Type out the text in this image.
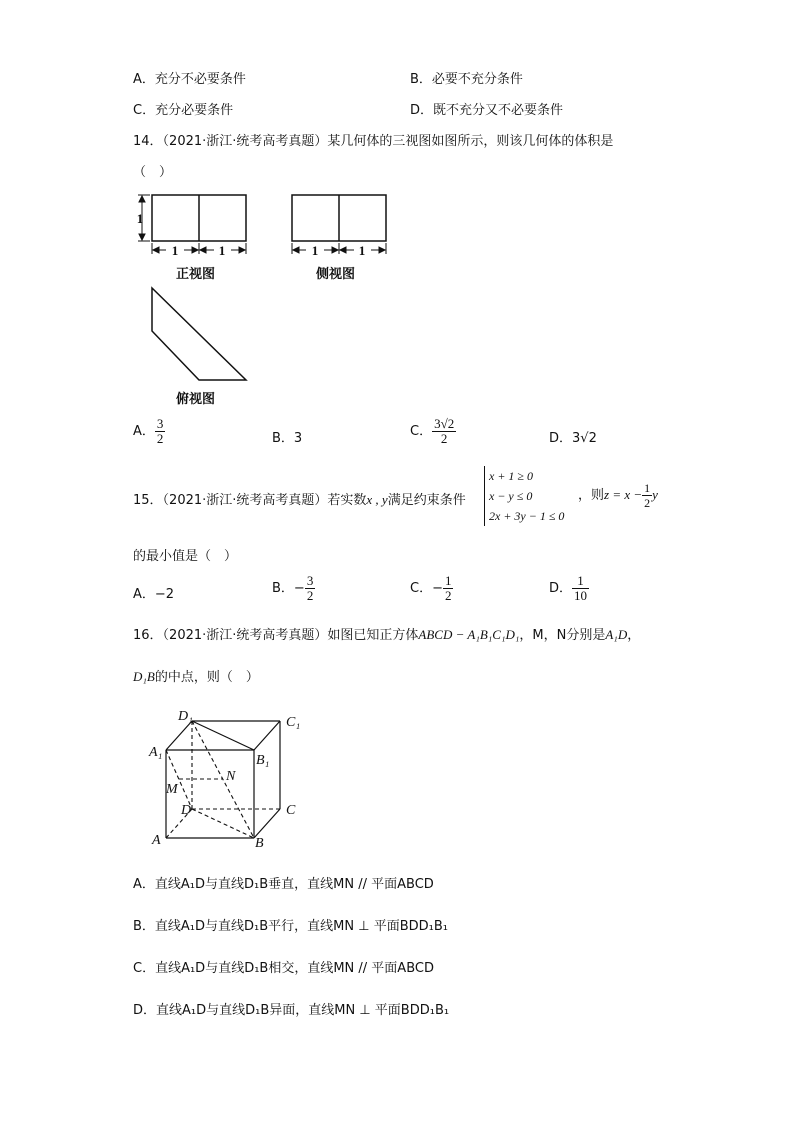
A．充分不必要条件	B．必要不充分条件
C．充分必要条件	D．既不充分又不必要条件
14．（2021·浙江·统考高考真题）某几何体的三视图如图所示，则该几何体的体积是
（　）
1
1	1	1	1
正视图	侧视图
俯视图
A． $\frac{3}{2}$	B．3	C． $\frac{3√2}{2}$	D．3√2
15．（2021·浙江·统考高考真题）若实数x , y满足约束条件
x + 1 ≥ 0
x − y ≤ 0
2x + 3y − 1 ≤ 0
，则$z = x - \frac{1}{2}$ y
的最小值是（　）
A．−2	B．− $\frac{3}{2}$	C．− $\frac{1}{2}$	D． $\frac{1}{10}$
16．（2021·浙江·统考高考真题）如图已知正方体ABCD − A₁B₁C₁D₁，M，N分别是A₁D，
D₁B的中点，则（　）
D₁	C₁
A₁
B₁
N
M
D	C
A	B
A．直线A₁D与直线D₁B垂直，直线MN // 平面ABCD
B．直线A₁D与直线D₁B平行，直线MN ⊥ 平面BDD₁B₁
C．直线A₁D与直线D₁B相交，直线MN // 平面ABCD
D．直线A₁D与直线D₁B异面，直线MN ⊥ 平面BDD₁B₁
